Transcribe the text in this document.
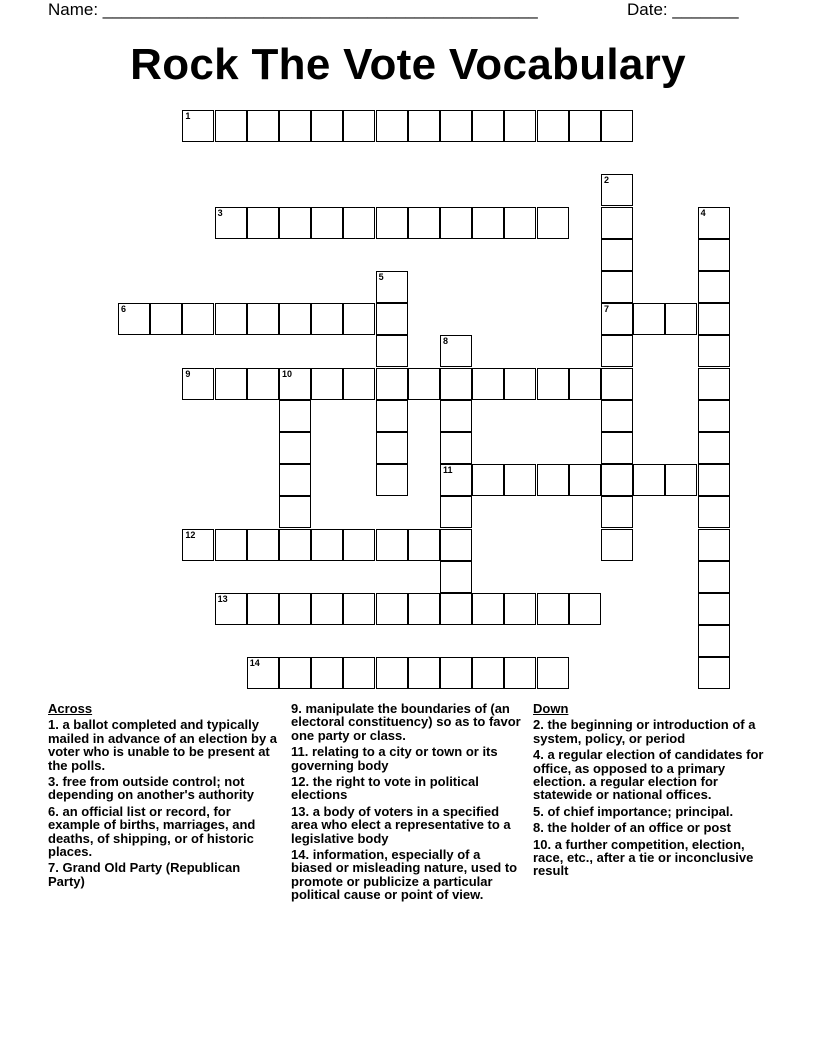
Name: ______________________________________________	Date: _______
Rock The Vote Vocabulary
1
2
7
3	4
5
6
8
11
9	10
12
13
14
Across
1. a ballot completed and typically mailed in advance of an election by a voter who is unable to be present at the polls.
3. free from outside control; not depending on another's authority
6. an official list or record, for example of births, marriages, and deaths, of shipping, or of historic places.
7. Grand Old Party (Republican Party)
9. manipulate the boundaries of (an electoral constituency) so as to favor one party or class.
11. relating to a city or town or its governing body
12. the right to vote in political elections
13. a body of voters in a specified area who elect a representative to a legislative body
14. information, especially of a biased or misleading nature, used to promote or publicize a particular political cause or point of view.
Down
2. the beginning or introduction of a system, policy, or period
4. a regular election of candidates for office, as opposed to a primary election. a regular election for statewide or national offices.
5. of chief importance; principal.
8. the holder of an office or post
10. a further competition, election, race, etc., after a tie or inconclusive result
